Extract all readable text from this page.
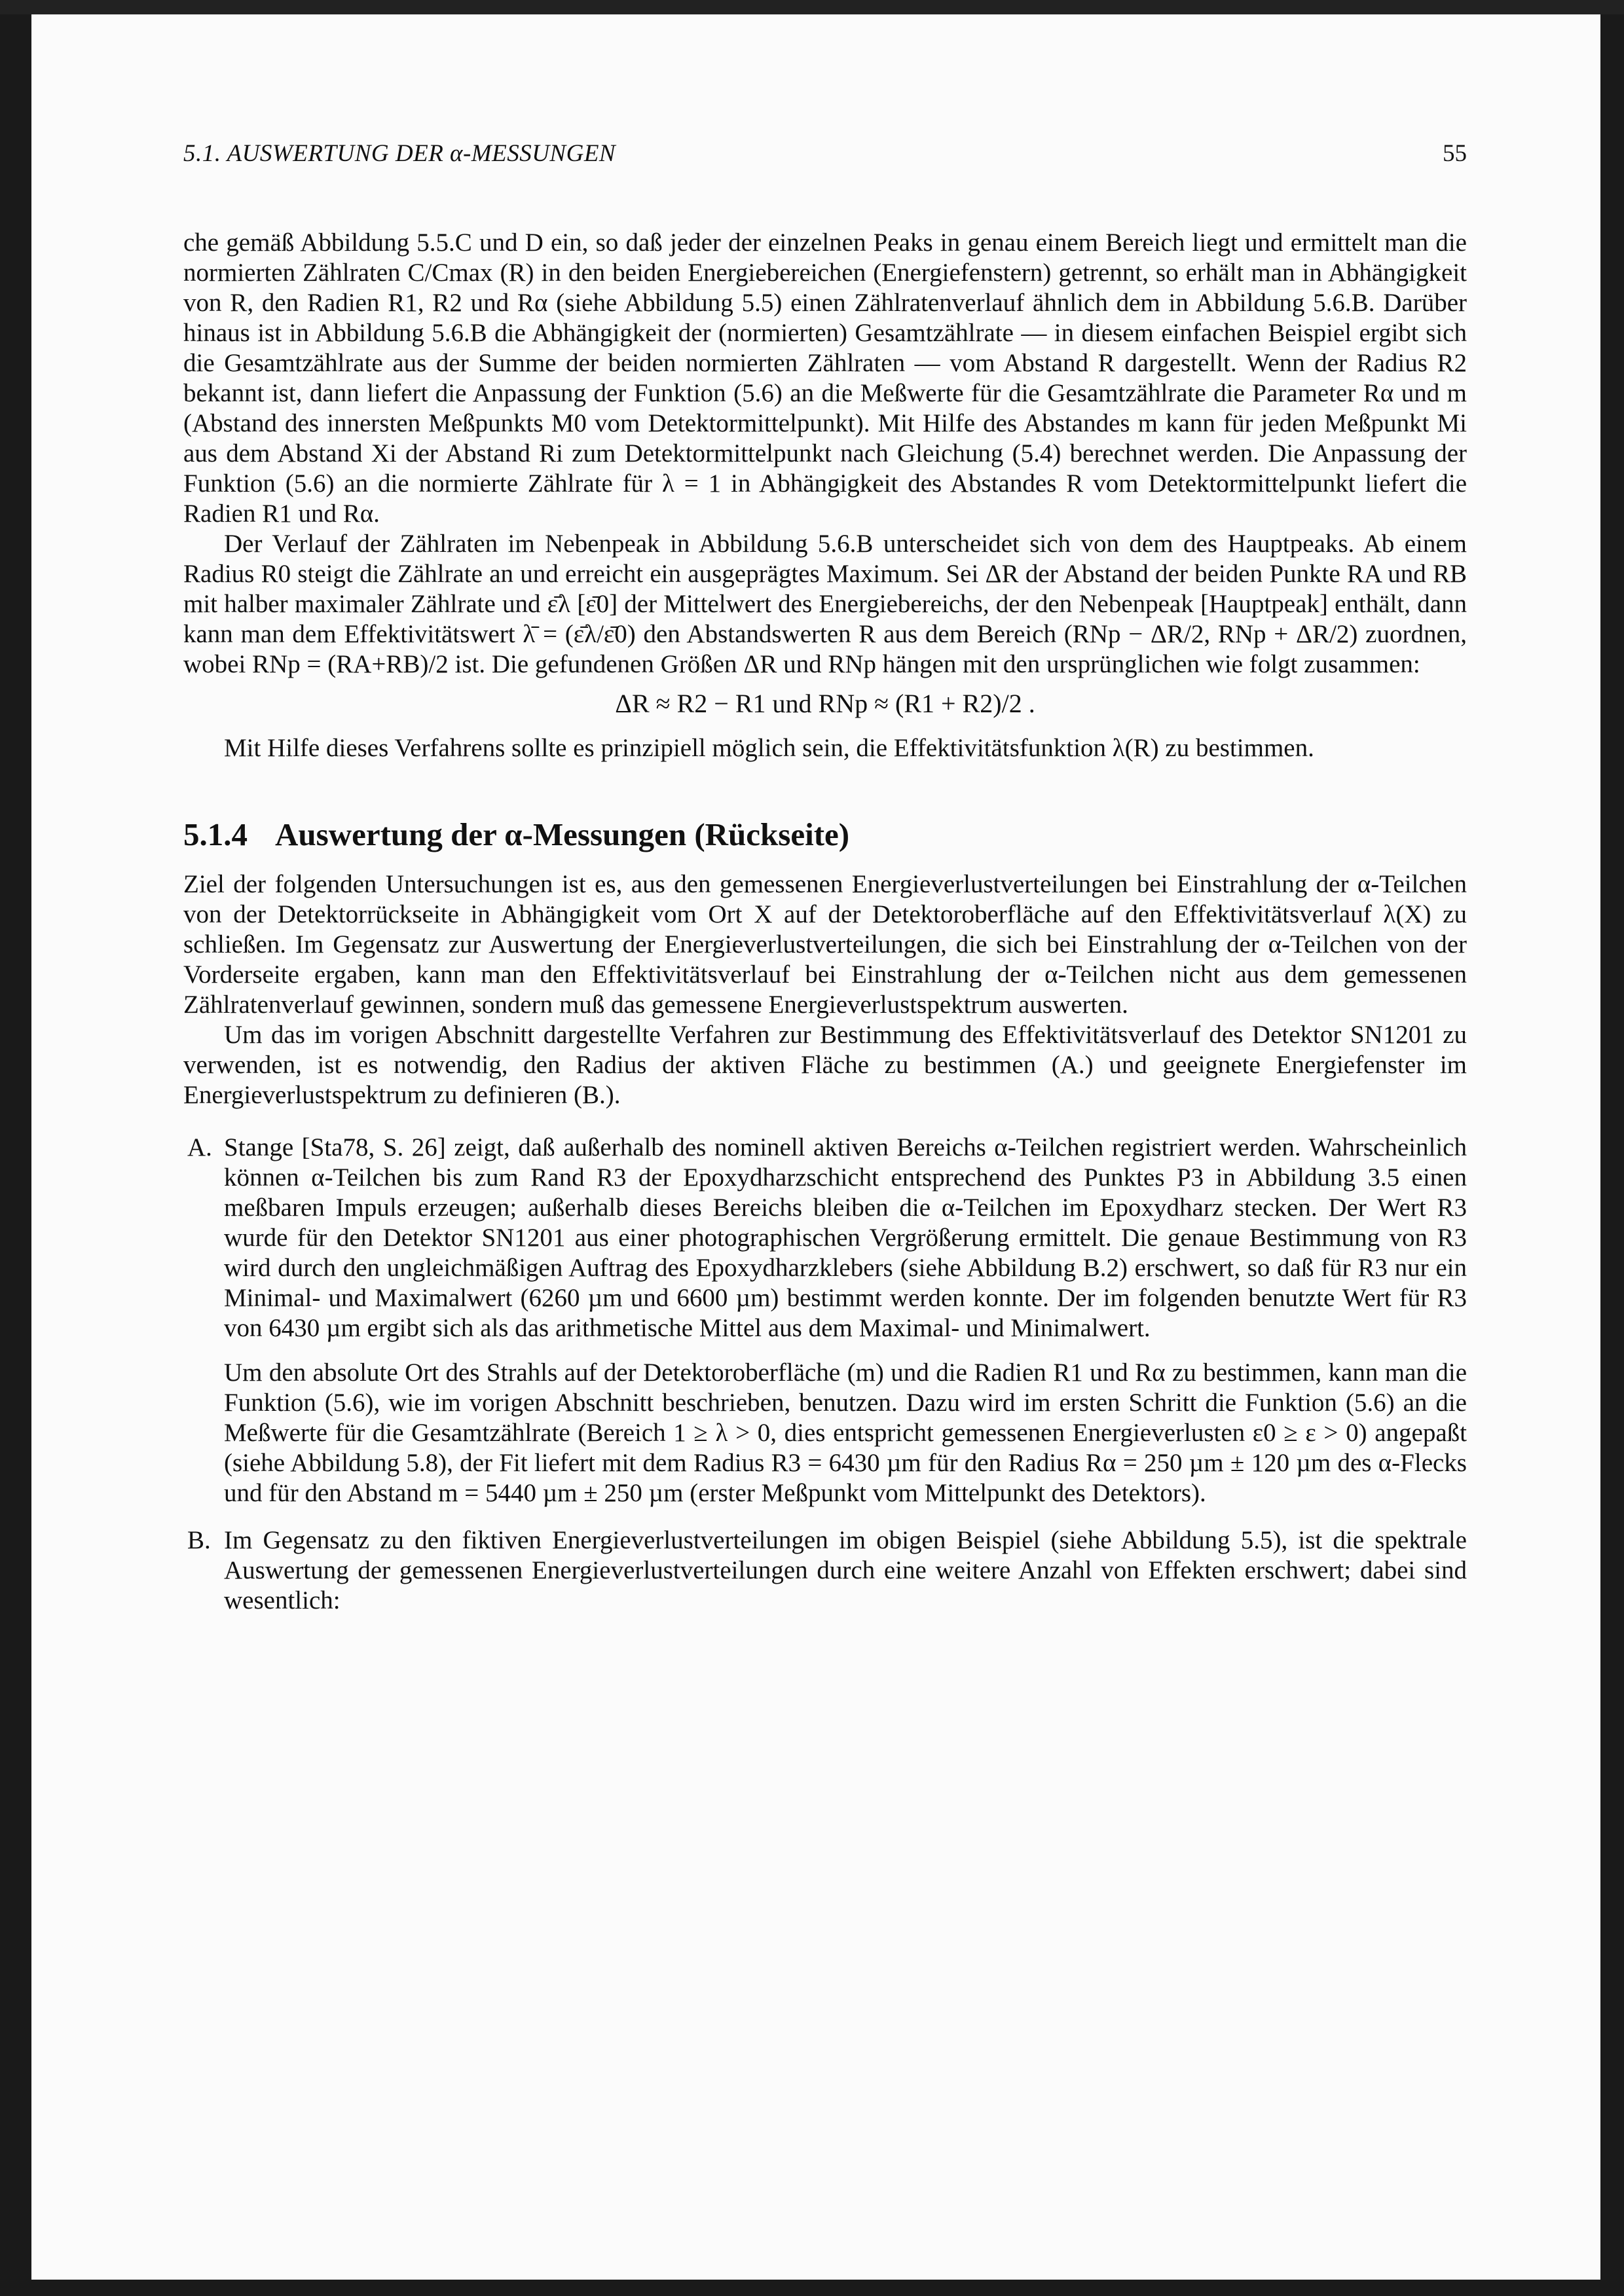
5.1. AUSWERTUNG DER α-MESSUNGEN	55

che gemäß Abbildung 5.5.C und D ein, so daß jeder der einzelnen Peaks in genau einem Bereich liegt und ermittelt man die normierten Zählraten C/Cmax (R) in den beiden Energiebereichen (Energiefenstern) getrennt, so erhält man in Abhängigkeit von R, den Radien R1, R2 und Rα (siehe Abbildung 5.5) einen Zählratenverlauf ähnlich dem in Abbildung 5.6.B. Darüber hinaus ist in Abbildung 5.6.B die Abhängigkeit der (normierten) Gesamtzählrate — in diesem einfachen Beispiel ergibt sich die Gesamtzählrate aus der Summe der beiden normierten Zählraten — vom Abstand R dargestellt. Wenn der Radius R2 bekannt ist, dann liefert die Anpassung der Funktion (5.6) an die Meßwerte für die Gesamtzählrate die Parameter Rα und m (Abstand des innersten Meßpunkts M0 vom Detektormittelpunkt). Mit Hilfe des Abstandes m kann für jeden Meßpunkt Mi aus dem Abstand Xi der Abstand Ri zum Detektormittelpunkt nach Gleichung (5.4) berechnet werden. Die Anpassung der Funktion (5.6) an die normierte Zählrate für λ = 1 in Abhängigkeit des Abstandes R vom Detektormittelpunkt liefert die Radien R1 und Rα.

Der Verlauf der Zählraten im Nebenpeak in Abbildung 5.6.B unterscheidet sich von dem des Hauptpeaks. Ab einem Radius R0 steigt die Zählrate an und erreicht ein ausgeprägtes Maximum. Sei ΔR der Abstand der beiden Punkte RA und RB mit halber maximaler Zählrate und ε̄λ [ε̄0] der Mittelwert des Energiebereichs, der den Nebenpeak [Hauptpeak] enthält, dann kann man dem Effektivitätswert λ̄ = (ε̄λ/ε̄0) den Abstandswerten R aus dem Bereich (RNp − ΔR/2, RNp + ΔR/2) zuordnen, wobei RNp = (RA+RB)/2 ist. Die gefundenen Größen ΔR und RNp hängen mit den ursprünglichen wie folgt zusammen:

ΔR ≈ R2 − R1 und RNp ≈ (R1 + R2)/2 .

Mit Hilfe dieses Verfahrens sollte es prinzipiell möglich sein, die Effektivitätsfunktion λ(R) zu bestimmen.

5.1.4 Auswertung der α-Messungen (Rückseite)

Ziel der folgenden Untersuchungen ist es, aus den gemessenen Energieverlustverteilungen bei Einstrahlung der α-Teilchen von der Detektorrückseite in Abhängigkeit vom Ort X auf der Detektoroberfläche auf den Effektivitätsverlauf λ(X) zu schließen. Im Gegensatz zur Auswertung der Energieverlustverteilungen, die sich bei Einstrahlung der α-Teilchen von der Vorderseite ergaben, kann man den Effektivitätsverlauf bei Einstrahlung der α-Teilchen nicht aus dem gemessenen Zählratenverlauf gewinnen, sondern muß das gemessene Energieverlustspektrum auswerten.

Um das im vorigen Abschnitt dargestellte Verfahren zur Bestimmung des Effektivitätsverlauf des Detektor SN1201 zu verwenden, ist es notwendig, den Radius der aktiven Fläche zu bestimmen (A.) und geeignete Energiefenster im Energieverlustspektrum zu definieren (B.).

A. Stange [Sta78, S. 26] zeigt, daß außerhalb des nominell aktiven Bereichs α-Teilchen registriert werden. Wahrscheinlich können α-Teilchen bis zum Rand R3 der Epoxydharzschicht entsprechend des Punktes P3 in Abbildung 3.5 einen meßbaren Impuls erzeugen; außerhalb dieses Bereichs bleiben die α-Teilchen im Epoxydharz stecken. Der Wert R3 wurde für den Detektor SN1201 aus einer photographischen Vergrößerung ermittelt. Die genaue Bestimmung von R3 wird durch den ungleichmäßigen Auftrag des Epoxydharzklebers (siehe Abbildung B.2) erschwert, so daß für R3 nur ein Minimal- und Maximalwert (6260 µm und 6600 µm) bestimmt werden konnte. Der im folgenden benutzte Wert für R3 von 6430 µm ergibt sich als das arithmetische Mittel aus dem Maximal- und Minimalwert.

Um den absolute Ort des Strahls auf der Detektoroberfläche (m) und die Radien R1 und Rα zu bestimmen, kann man die Funktion (5.6), wie im vorigen Abschnitt beschrieben, benutzen. Dazu wird im ersten Schritt die Funktion (5.6) an die Meßwerte für die Gesamtzählrate (Bereich 1 ≥ λ > 0, dies entspricht gemessenen Energieverlusten ε0 ≥ ε > 0) angepaßt (siehe Abbildung 5.8), der Fit liefert mit dem Radius R3 = 6430 µm für den Radius Rα = 250 µm ± 120 µm des α-Flecks und für den Abstand m = 5440 µm ± 250 µm (erster Meßpunkt vom Mittelpunkt des Detektors).

B. Im Gegensatz zu den fiktiven Energieverlustverteilungen im obigen Beispiel (siehe Abbildung 5.5), ist die spektrale Auswertung der gemessenen Energieverlustverteilungen durch eine weitere Anzahl von Effekten erschwert; dabei sind wesentlich:
